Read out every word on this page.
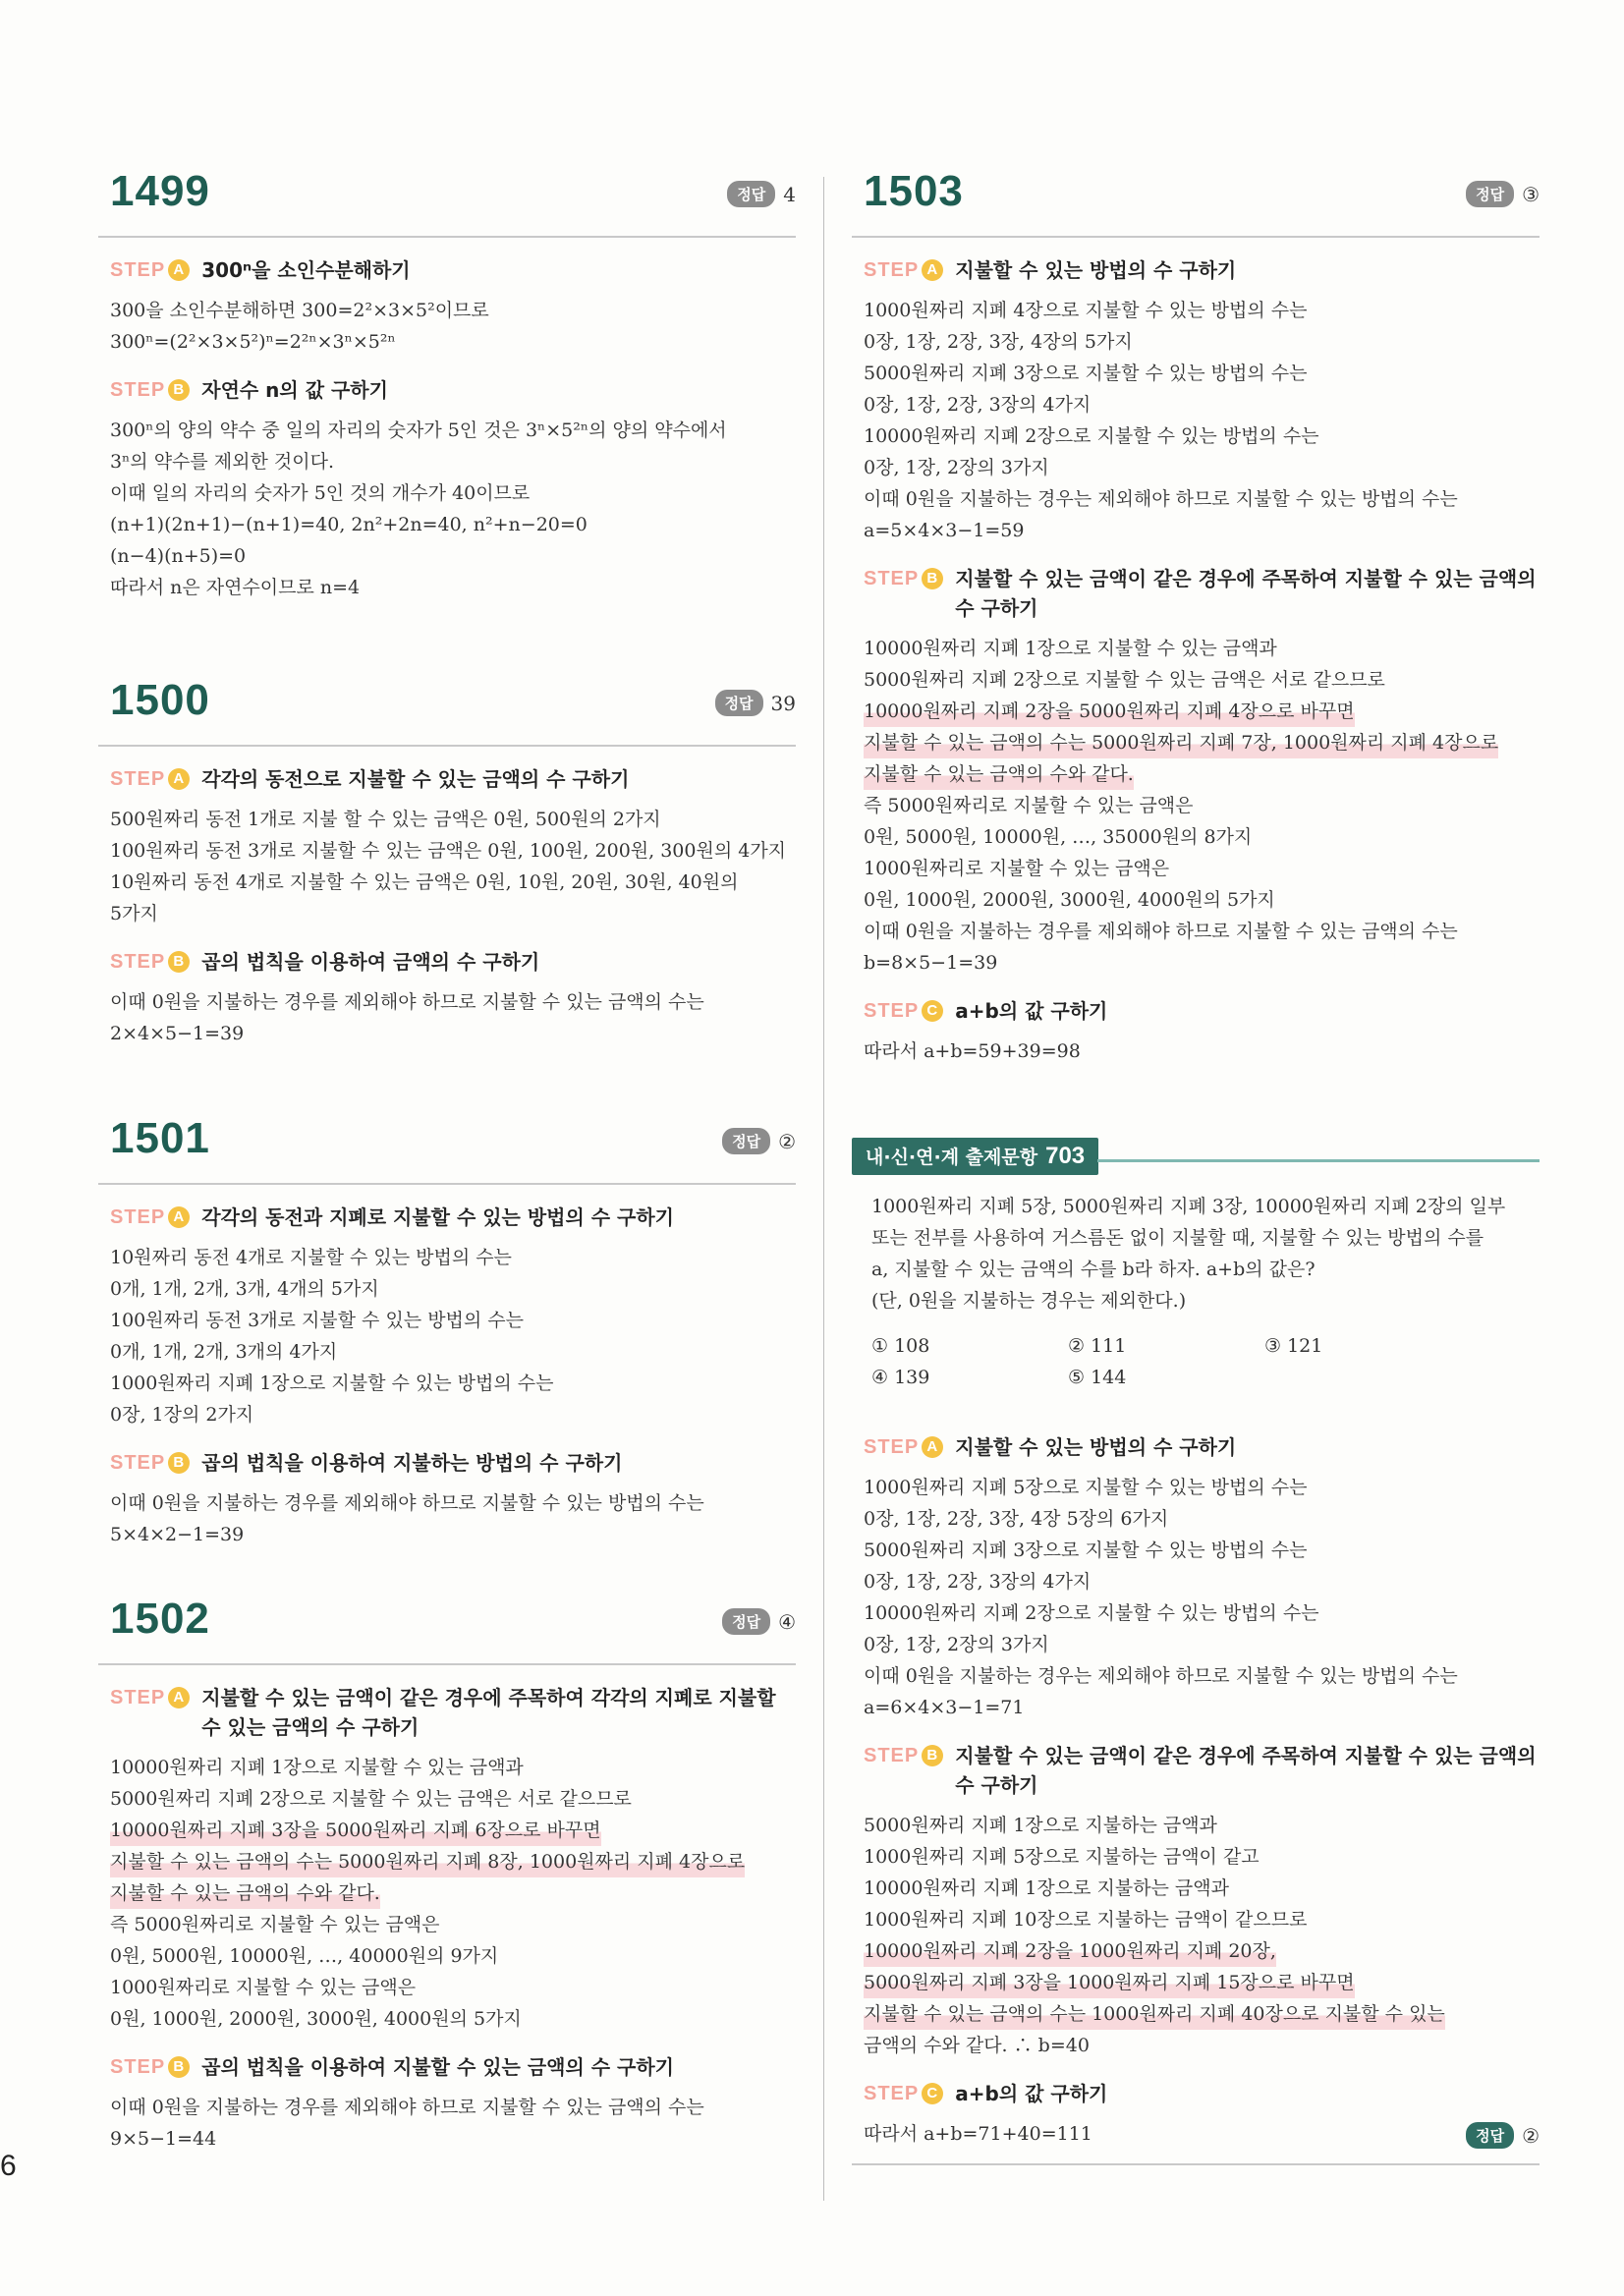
6
1499	정답 4
STEP A 300ⁿ을 소인수분해하기
300을 소인수분해하면 300=2²×3×5²이므로
300ⁿ=(2²×3×5²)ⁿ=2²ⁿ×3ⁿ×5²ⁿ
STEP B 자연수 n의 값 구하기
300ⁿ의 양의 약수 중 일의 자리의 숫자가 5인 것은 3ⁿ×5²ⁿ의 양의 약수에서
3ⁿ의 약수를 제외한 것이다.
이때 일의 자리의 숫자가 5인 것의 개수가 40이므로
(n+1)(2n+1)−(n+1)=40, 2n²+2n=40, n²+n−20=0
(n−4)(n+5)=0
따라서 n은 자연수이므로 n=4
1500	정답 39
STEP A 각각의 동전으로 지불할 수 있는 금액의 수 구하기
500원짜리 동전 1개로 지불 할 수 있는 금액은 0원, 500원의 2가지
100원짜리 동전 3개로 지불할 수 있는 금액은 0원, 100원, 200원, 300원의 4가지
10원짜리 동전 4개로 지불할 수 있는 금액은 0원, 10원, 20원, 30원, 40원의
5가지
STEP B 곱의 법칙을 이용하여 금액의 수 구하기
이때 0원을 지불하는 경우를 제외해야 하므로 지불할 수 있는 금액의 수는
2×4×5−1=39
1501	정답 ②
STEP A 각각의 동전과 지폐로 지불할 수 있는 방법의 수 구하기
10원짜리 동전 4개로 지불할 수 있는 방법의 수는
0개, 1개, 2개, 3개, 4개의 5가지
100원짜리 동전 3개로 지불할 수 있는 방법의 수는
0개, 1개, 2개, 3개의 4가지
1000원짜리 지폐 1장으로 지불할 수 있는 방법의 수는
0장, 1장의 2가지
STEP B 곱의 법칙을 이용하여 지불하는 방법의 수 구하기
이때 0원을 지불하는 경우를 제외해야 하므로 지불할 수 있는 방법의 수는
5×4×2−1=39
1502	정답 ④
STEP A 지불할 수 있는 금액이 같은 경우에 주목하여 각각의 지폐로 지불할 수 있는 금액의 수 구하기
10000원짜리 지폐 1장으로 지불할 수 있는 금액과
5000원짜리 지폐 2장으로 지불할 수 있는 금액은 서로 같으므로
10000원짜리 지폐 3장을 5000원짜리 지폐 6장으로 바꾸면 지불할 수 있는 금액의 수는 5000원짜리 지폐 8장, 1000원짜리 지폐 4장으로 지불할 수 있는 금액의 수와 같다.
즉 5000원짜리로 지불할 수 있는 금액은
0원, 5000원, 10000원, …, 40000원의 9가지
1000원짜리로 지불할 수 있는 금액은
0원, 1000원, 2000원, 3000원, 4000원의 5가지
STEP B 곱의 법칙을 이용하여 지불할 수 있는 금액의 수 구하기
이때 0원을 지불하는 경우를 제외해야 하므로 지불할 수 있는 금액의 수는
9×5−1=44
1503	정답 ③
STEP A 지불할 수 있는 방법의 수 구하기
1000원짜리 지폐 4장으로 지불할 수 있는 방법의 수는
0장, 1장, 2장, 3장, 4장의 5가지
5000원짜리 지폐 3장으로 지불할 수 있는 방법의 수는
0장, 1장, 2장, 3장의 4가지
10000원짜리 지폐 2장으로 지불할 수 있는 방법의 수는
0장, 1장, 2장의 3가지
이때 0원을 지불하는 경우는 제외해야 하므로 지불할 수 있는 방법의 수는
a=5×4×3−1=59
STEP B 지불할 수 있는 금액이 같은 경우에 주목하여 지불할 수 있는 금액의 수 구하기
10000원짜리 지폐 1장으로 지불할 수 있는 금액과
5000원짜리 지폐 2장으로 지불할 수 있는 금액은 서로 같으므로
10000원짜리 지폐 2장을 5000원짜리 지폐 4장으로 바꾸면 지불할 수 있는 금액의 수는 5000원짜리 지폐 7장, 1000원짜리 지폐 4장으로 지불할 수 있는 금액의 수와 같다.
즉 5000원짜리로 지불할 수 있는 금액은
0원, 5000원, 10000원, …, 35000원의 8가지
1000원짜리로 지불할 수 있는 금액은
0원, 1000원, 2000원, 3000원, 4000원의 5가지
이때 0원을 지불하는 경우를 제외해야 하므로 지불할 수 있는 금액의 수는
b=8×5−1=39
STEP C a+b의 값 구하기
따라서 a+b=59+39=98
내·신·연·계 출제문항 703
1000원짜리 지폐 5장, 5000원짜리 지폐 3장, 10000원짜리 지폐 2장의 일부
또는 전부를 사용하여 거스름돈 없이 지불할 때, 지불할 수 있는 방법의 수를
a, 지불할 수 있는 금액의 수를 b라 하자. a+b의 값은?
(단, 0원을 지불하는 경우는 제외한다.)
① 108	② 111	③ 121
④ 139	⑤ 144
STEP A 지불할 수 있는 방법의 수 구하기
1000원짜리 지폐 5장으로 지불할 수 있는 방법의 수는
0장, 1장, 2장, 3장, 4장 5장의 6가지
5000원짜리 지폐 3장으로 지불할 수 있는 방법의 수는
0장, 1장, 2장, 3장의 4가지
10000원짜리 지폐 2장으로 지불할 수 있는 방법의 수는
0장, 1장, 2장의 3가지
이때 0원을 지불하는 경우는 제외해야 하므로 지불할 수 있는 방법의 수는
a=6×4×3−1=71
STEP B 지불할 수 있는 금액이 같은 경우에 주목하여 지불할 수 있는 금액의 수 구하기
5000원짜리 지폐 1장으로 지불하는 금액과
1000원짜리 지폐 5장으로 지불하는 금액이 같고
10000원짜리 지폐 1장으로 지불하는 금액과
1000원짜리 지폐 10장으로 지불하는 금액이 같으므로
10000원짜리 지폐 2장을 1000원짜리 지폐 20장, 5000원짜리 지폐 3장을 1000원짜리 지폐 15장으로 바꾸면 지불할 수 있는 금액의 수는 1000원짜리 지폐 40장으로 지불할 수 있는
금액의 수와 같다. ∴ b=40
STEP C a+b의 값 구하기
따라서 a+b=71+40=111	정답 ②
